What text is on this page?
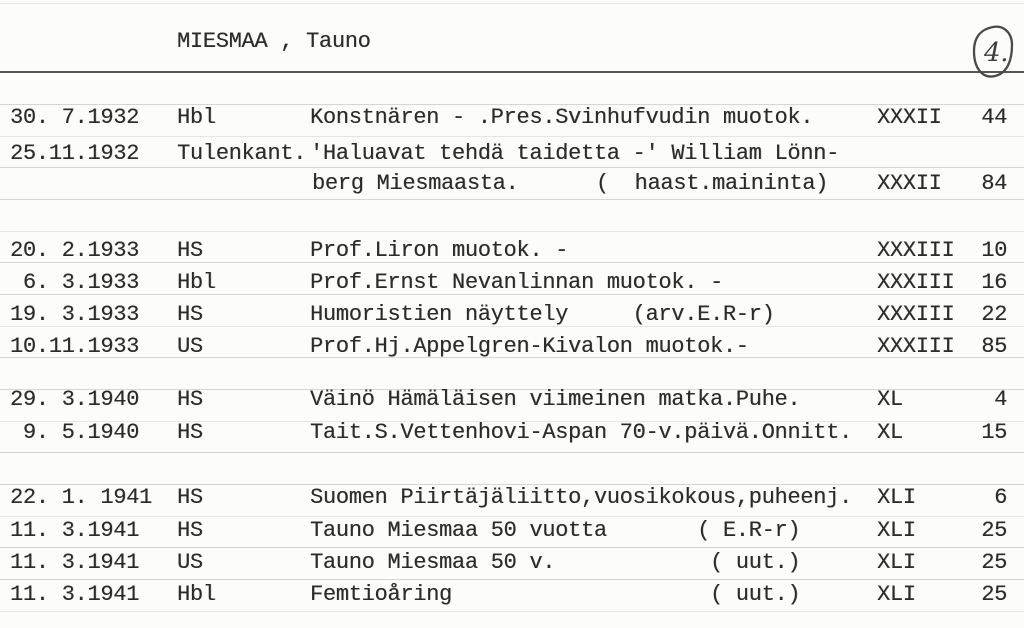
MIESMAA , Tauno	4.
30. 7.1932 Hbl	Konstnären - .Pres.Svinhufvudin muotok.	XXXII	44
25.11.1932 Tulenkant. 'Haluavat tehdä taidetta -' William Lönn-
berg Miesmaasta.      (  haast.maininta) XXXII	84
20. 2.1933 HS	Prof.Liron muotok. -	XXXIII	10
6. 3.1933 Hbl	Prof.Ernst Nevanlinnan muotok. -	XXXIII	16
19. 3.1933 HS	Humoristien näyttely     (arv.E.R-r)	XXXIII	22
10.11.1933 US	Prof.Hj.Appelgren-Kivalon muotok.-	XXXIII	85
29. 3.1940 HS	Väinö Hämäläisen viimeinen matka.Puhe.	XL	4
9. 5.1940 HS	Tait.S.Vettenhovi-Aspan 70-v.päivä.Onnitt. XL	15
22. 1. 1941 HS	Suomen Piirtäjäliitto,vuosikokous,puheenj. XLI	6
11. 3.1941 HS	Tauno Miesmaa 50 vuotta       ( E.R-r)	XLI	25
11. 3.1941 US	Tauno Miesmaa 50 v.            ( uut.)	XLI	25
11. 3.1941 Hbl	Femtioåring                    ( uut.)	XLI	25
